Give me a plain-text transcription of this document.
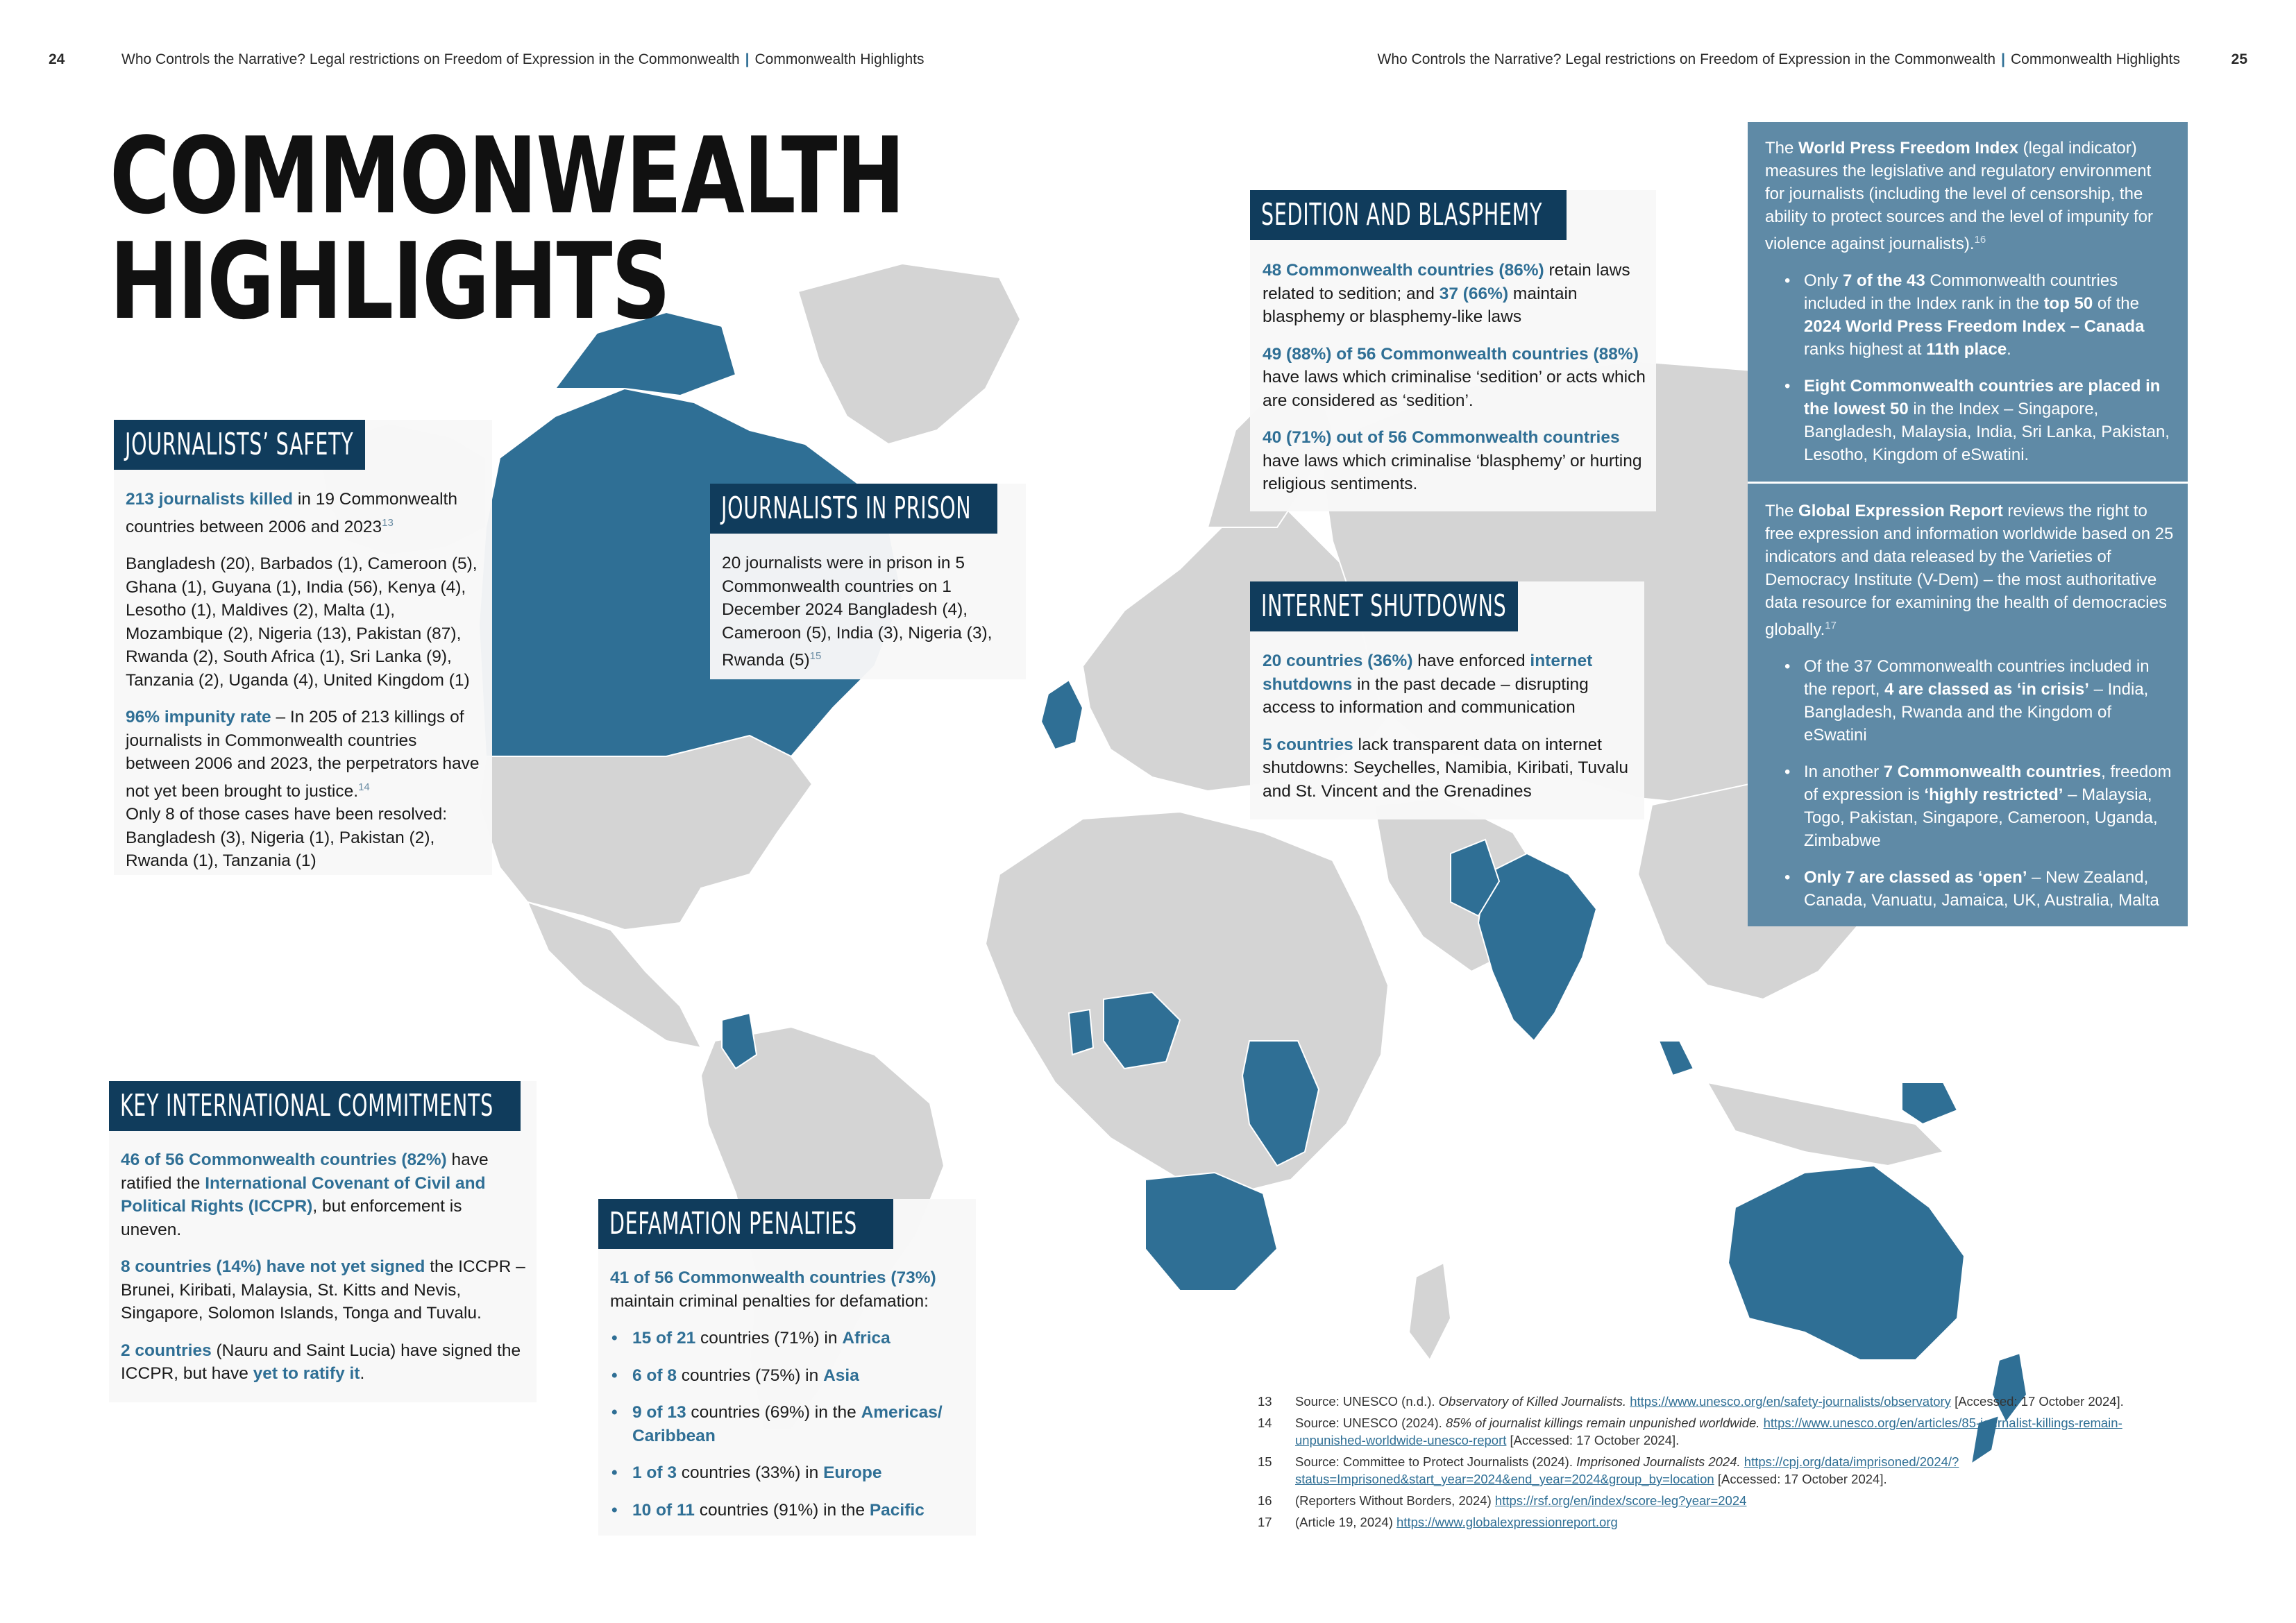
24	Who Controls the Narrative? Legal restrictions on Freedom of Expression in the Commonwealth | Commonwealth Highlights	Who Controls the Narrative? Legal restrictions on Freedom of Expression in the Commonwealth | Commonwealth Highlights	25
COMMONWEALTH
HIGHLIGHTS
JOURNALISTS’ SAFETY

213 journalists killed in 19 Commonwealth countries between 2006 and 2023$^{13}$

Bangladesh (20), Barbados (1), Cameroon (5), Ghana (1), Guyana (1), India (56), Kenya (4), Lesotho (1), Maldives (2), Malta (1), Mozambique (2), Nigeria (13), Pakistan (87), Rwanda (2), South Africa (1), Sri Lanka (9), Tanzania (2), Uganda (4), United Kingdom (1)

96% impunity rate – In 205 of 213 killings of journalists in Commonwealth countries between 2006 and 2023, the perpetrators have not yet been brought to justice.$^{14}$

Only 8 of those cases have been resolved: Bangladesh (3), Nigeria (1), Pakistan (2), Rwanda (1), Tanzania (1)

JOURNALISTS IN PRISON

20 journalists were in prison in 5 Commonwealth countries on 1 December 2024 Bangladesh (4), Cameroon (5), India (3), Nigeria (3), Rwanda $(5)^{15}$

SEDITION AND BLASPHEMY

48 Commonwealth countries (86%) retain laws related to sedition; and 37 (66%) maintain blasphemy or blasphemy-like laws

49 (88%) of 56 Commonwealth countries (88%) have laws which criminalise ‘sedition’ or acts which are considered as ‘sedition’.

40 (71%) out of 56 Commonwealth countries have laws which criminalise ‘blasphemy’ or hurting religious sentiments.

INTERNET SHUTDOWNS

20 countries (36%) have enforced internet shutdowns in the past decade – disrupting access to information and communication

5 countries lack transparent data on internet shutdowns: Seychelles, Namibia, Kiribati, Tuvalu and St. Vincent and the Grenadines

KEY INTERNATIONAL COMMITMENTS

46 of 56 Commonwealth countries (82%) have ratified the International Covenant of Civil and Political Rights (ICCPR), but enforcement is uneven.

8 countries (14%) have not yet signed the ICCPR – Brunei, Kiribati, Malaysia, St. Kitts and Nevis, Singapore, Solomon Islands, Tonga and Tuvalu.

2 countries (Nauru and Saint Lucia) have signed the ICCPR, but have yet to ratify it.

DEFAMATION PENALTIES

41 of 56 Commonwealth countries (73%) maintain criminal penalties for defamation:

• 15 of 21 countries (71%) in Africa
• 6 of 8 countries (75%) in Asia
• 9 of 13 countries (69%) in the Americas/ Caribbean
• 1 of 3 countries (33%) in Europe
• 10 of 11 countries (91%) in the Pacific

The World Press Freedom Index (legal indicator) measures the legislative and regulatory environment for journalists (including the level of censorship, the ability to protect sources and the level of impunity for violence against journalists).$^{16}$

• Only 7 of the 43 Commonwealth countries included in the Index rank in the top 50 of the 2024 World Press Freedom Index – Canada ranks highest at 11th place.
• Eight Commonwealth countries are placed in the lowest 50 in the Index – Singapore, Bangladesh, Malaysia, India, Sri Lanka, Pakistan, Lesotho, Kingdom of eSwatini.

The Global Expression Report reviews the right to free expression and information worldwide based on 25 indicators and data released by the Varieties of Democracy Institute (V-Dem) – the most authoritative data resource for examining the health of democracies globally.$^{17}$

• Of the 37 Commonwealth countries included in the report, 4 are classed as ‘in crisis’ – India, Bangladesh, Rwanda and the Kingdom of eSwatini
• In another 7 Commonwealth countries, freedom of expression is ‘highly restricted’ – Malaysia, Togo, Pakistan, Singapore, Cameroon, Uganda, Zimbabwe
• Only 7 are classed as ‘open’ – New Zealand, Canada, Vanuatu, Jamaica, UK, Australia, Malta
13	Source: UNESCO (n.d.). Observatory of Killed Journalists. https://www.unesco.org/en/safety-journalists/observatory [Accessed: 17 October 2024].
14	Source: UNESCO (2024). 85% of journalist killings remain unpunished worldwide. https://www.unesco.org/en/articles/85-journalist-killings-remain-unpunished-worldwide-unesco-report [Accessed: 17 October 2024].
15	Source: Committee to Protect Journalists (2024). Imprisoned Journalists 2024. https://cpj.org/data/imprisoned/2024/?status=Imprisoned&start_year=2024&end_year=2024&group_by=location [Accessed: 17 October 2024].
16	(Reporters Without Borders, 2024) https://rsf.org/en/index/score-leg?year=2024
17	(Article 19, 2024) https://www.globalexpressionreport.org
